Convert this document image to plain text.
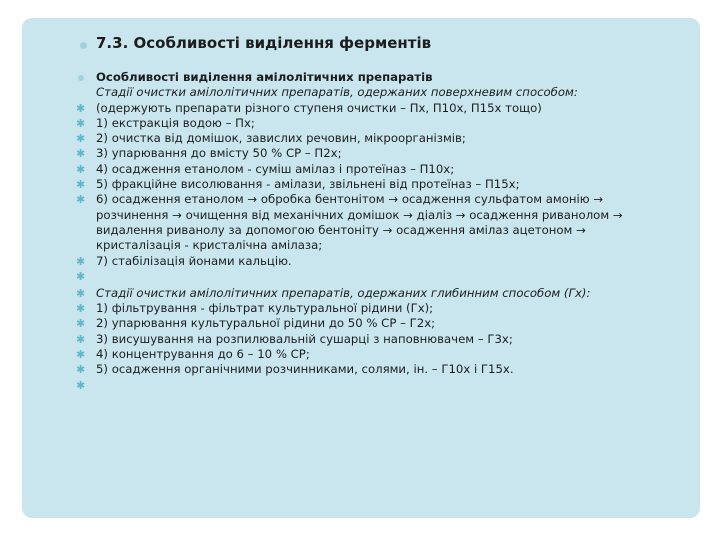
7.3. Особливості виділення ферментів
Особливості виділення амілолітичних препаратів
Стадії очистки амілолітичних препаратів, одержаних поверхневим способом:
✱ (одержують препарати різного ступеня очистки – Пх, П10х, П15х тощо)
✱ 1) екстракція водою – Пх;
✱ 2) очистка від домішок, завислих речовин, мікроорганізмів;
✱ 3) упарювання до вмісту 50 % СР – П2х;
✱ 4) осадження етанолом - суміш амілаз і протеїназ – П10х;
✱ 5) фракційне висолювання - амілази, звільнені від протеїназ – П15х;
✱ 6) осадження етанолом → обробка бентонітом → осадження сульфатом амонію → розчинення → очищення від механічних домішок → діаліз → осадження риванолом → видалення риванолу за допомогою бентоніту → осадження амілаз ацетоном → кристалізація - кристалічна амілаза;
✱ 7) стабілізація йонами кальцію.
✱
✱ Стадії очистки амілолітичних препаратів, одержаних глибинним способом (Гх):
✱ 1) фільтрування - фільтрат культуральної рідини (Гх);
✱ 2) упарювання культуральної рідини до 50 % СР – Г2х;
✱ 3) висушування на розпилювальній сушарці з наповнювачем – Г3х;
✱ 4) концентрування до 6 – 10 % СР;
✱ 5) осадження органічними розчинниками, солями, ін. – Г10х і Г15х.
✱
